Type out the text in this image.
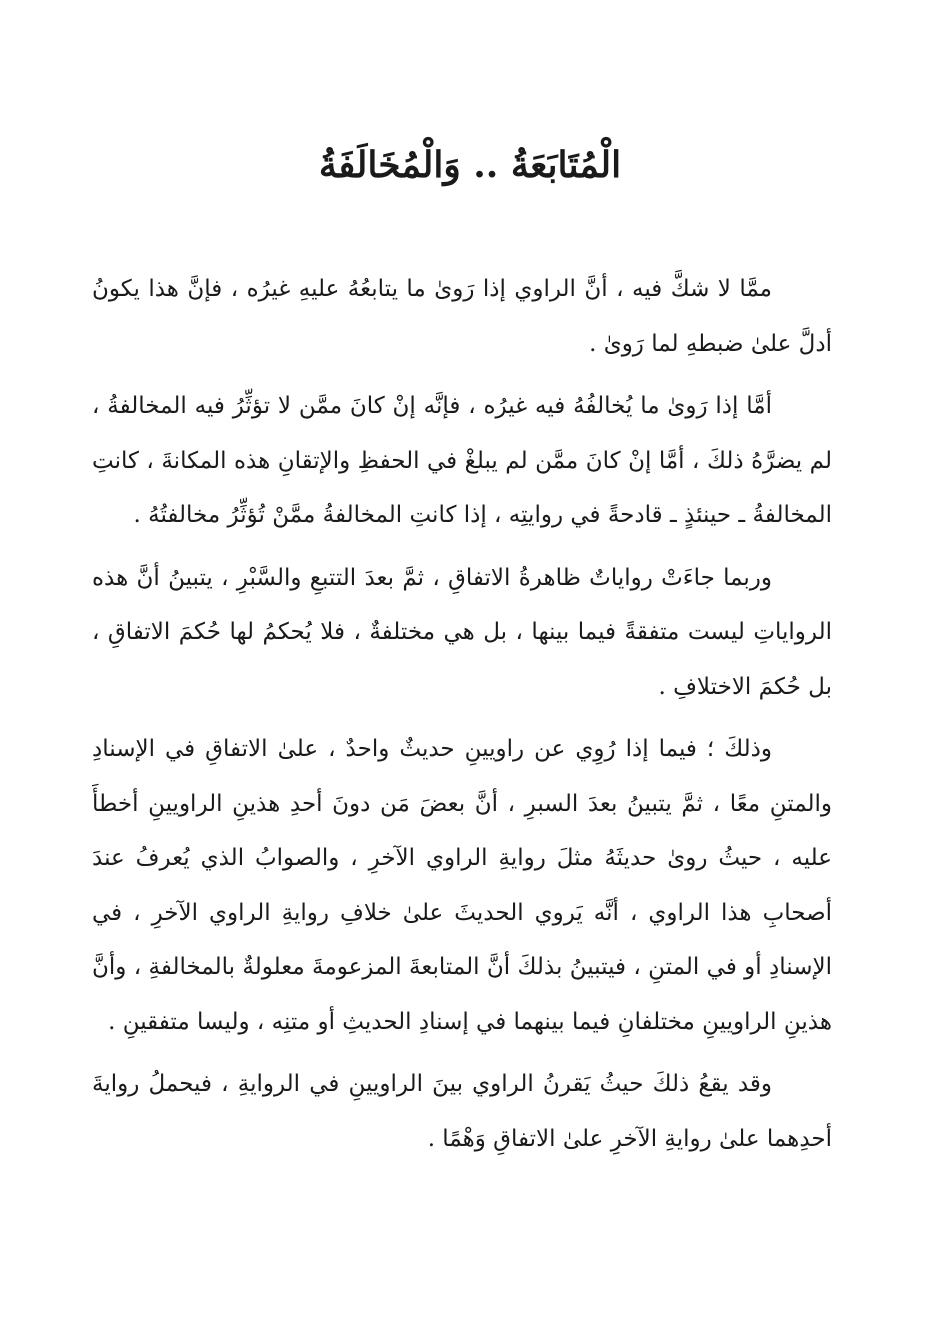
الْمُتَابَعَةُ .. وَالْمُخَالَفَةُ

ممَّا لا شكَّ فيه ، أنَّ الراوي إذا رَوىٰ ما يتابعُهُ عليهِ غيرُه ، فإنَّ هذا يكونُ أدلَّ علىٰ ضبطهِ لما رَوىٰ .

أمَّا إذا رَوىٰ ما يُخالفُهُ فيه غيرُه ، فإنَّه إنْ كانَ ممَّن لا تؤثِّرُ فيه المخالفةُ ، لم يضرَّهُ ذلكَ ، أمَّا إنْ كانَ ممَّن لم يبلغْ في الحفظِ والإتقانِ هذه المكانةَ ، كانتِ المخالفةُ ـ حينئذٍ ـ قادحةً في روايتِه ، إذا كانتِ المخالفةُ ممَّنْ تُؤثِّرُ مخالفتُهُ .

وربما جاءَتْ رواياتٌ ظاهرةُ الاتفاقِ ، ثمَّ بعدَ التتبعِ والسَّبْرِ ، يتبينُ أنَّ هذه الرواياتِ ليست متفقةً فيما بينها ، بل هي مختلفةٌ ، فلا يُحكمُ لها حُكمَ الاتفاقِ ، بل حُكمَ الاختلافِ .

وذلكَ ؛ فيما إذا رُوِي عن راويينِ حديثٌ واحدٌ ، علىٰ الاتفاقِ في الإسنادِ والمتنِ معًا ، ثمَّ يتبينُ بعدَ السبرِ ، أنَّ بعضَ مَن دونَ أحدِ هذينِ الراويينِ أخطأَ عليه ، حيثُ روىٰ حديثَهُ مثلَ روايةِ الراوي الآخرِ ، والصوابُ الذي يُعرفُ عندَ أصحابِ هذا الراوي ، أنَّه يَروي الحديثَ علىٰ خلافِ روايةِ الراوي الآخرِ ، في الإسنادِ أو في المتنِ ، فيتبينُ بذلكَ أنَّ المتابعةَ المزعومةَ معلولةٌ بالمخالفةِ ، وأنَّ هذينِ الراويينِ مختلفانِ فيما بينهما في إسنادِ الحديثِ أو متنِه ، وليسا متفقينِ .

وقد يقعُ ذلكَ حيثُ يَقرنُ الراوي بينَ الراويينِ في الروايةِ ، فيحملُ روايةَ أحدِهما علىٰ روايةِ الآخرِ علىٰ الاتفاقِ وَهْمًا .
